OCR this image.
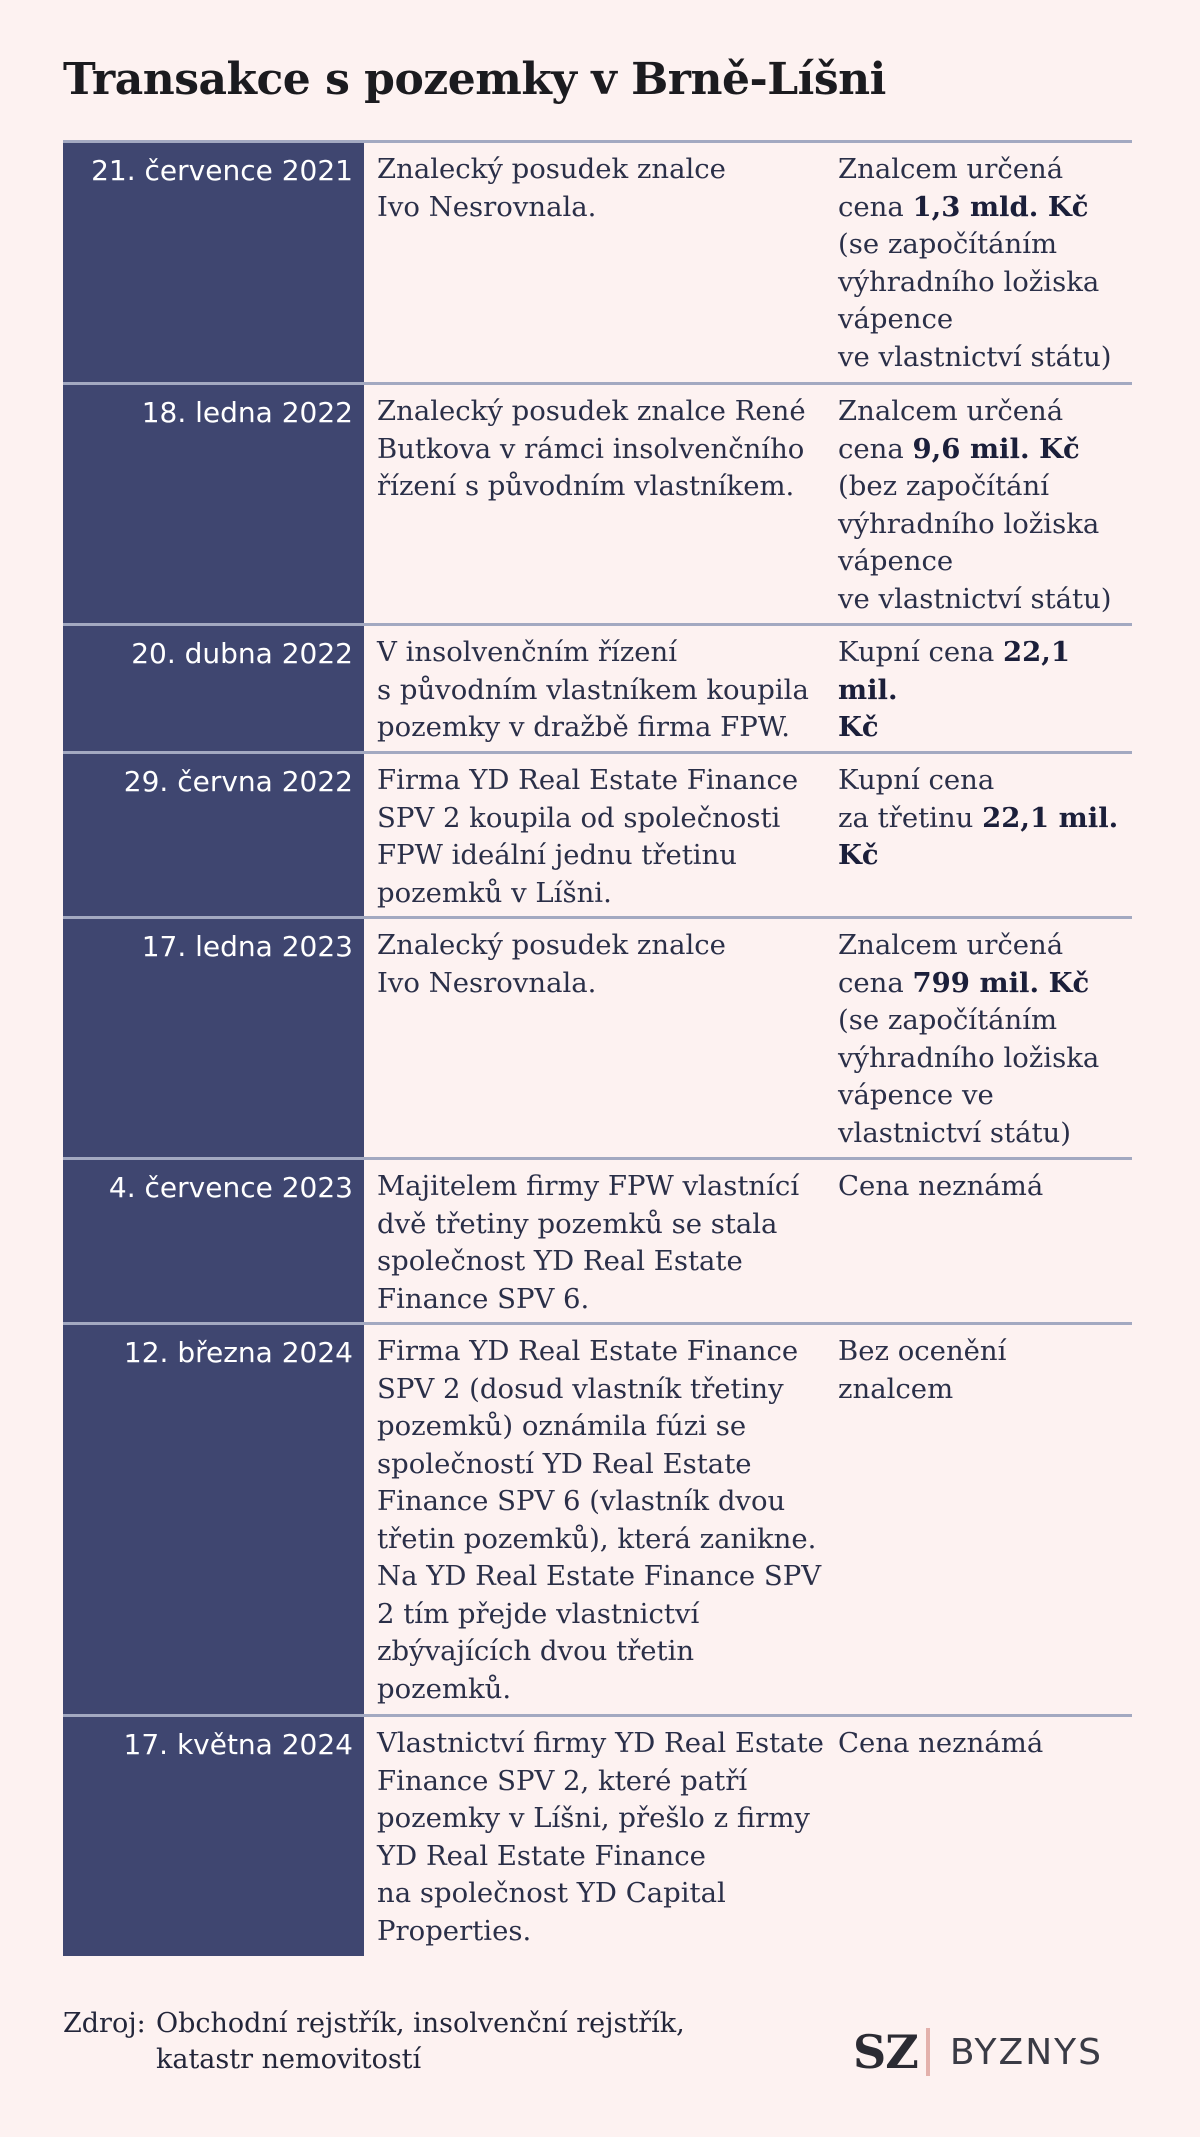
Transakce s pozemky v Brně-Líšni
21. července 2021 Znalecký posudek znalce
Ivo Nesrovnala.
Znalcem určená
cena 1,3 mld. Kč
(se započítáním
výhradního ložiska
vápence
ve vlastnictví státu)
18. ledna 2022 Znalecký posudek znalce René
Butkova v rámci insolvenčního
řízení s původním vlastníkem.
Znalcem určená
cena 9,6 mil. Kč
(bez započítání
výhradního ložiska
vápence
ve vlastnictví státu)
20. dubna 2022 V insolvenčním řízení
s původním vlastníkem koupila
pozemky v dražbě firma FPW.
Kupní cena 22,1 mil.
Kč
29. června 2022 Firma YD Real Estate Finance
SPV 2 koupila od společnosti
FPW ideální jednu třetinu
pozemků v Líšni.
Kupní cena
za třetinu 22,1 mil.
Kč
17. ledna 2023 Znalecký posudek znalce
Ivo Nesrovnala.
Znalcem určená
cena 799 mil. Kč
(se započítáním
výhradního ložiska
vápence ve
vlastnictví státu)
4. července 2023 Majitelem firmy FPW vlastnící
dvě třetiny pozemků se stala
společnost YD Real Estate
Finance SPV 6.
Cena neznámá
12. března 2024 Firma YD Real Estate Finance
SPV 2 (dosud vlastník třetiny
pozemků) oznámila fúzi se
společností YD Real Estate
Finance SPV 6 (vlastník dvou
třetin pozemků), která zanikne.
Na YD Real Estate Finance SPV
2 tím přejde vlastnictví
zbývajících dvou třetin
pozemků.
Bez ocenění
znalcem
17. května 2024 Vlastnictví firmy YD Real Estate
Finance SPV 2, které patří
pozemky v Líšni, přešlo z firmy
YD Real Estate Finance
na společnost YD Capital
Properties.
Cena neznámá
Zdroj: Obchodní rejstřík, insolvenční rejstřík, katastr nemovitostí	SZ BYZNYS
